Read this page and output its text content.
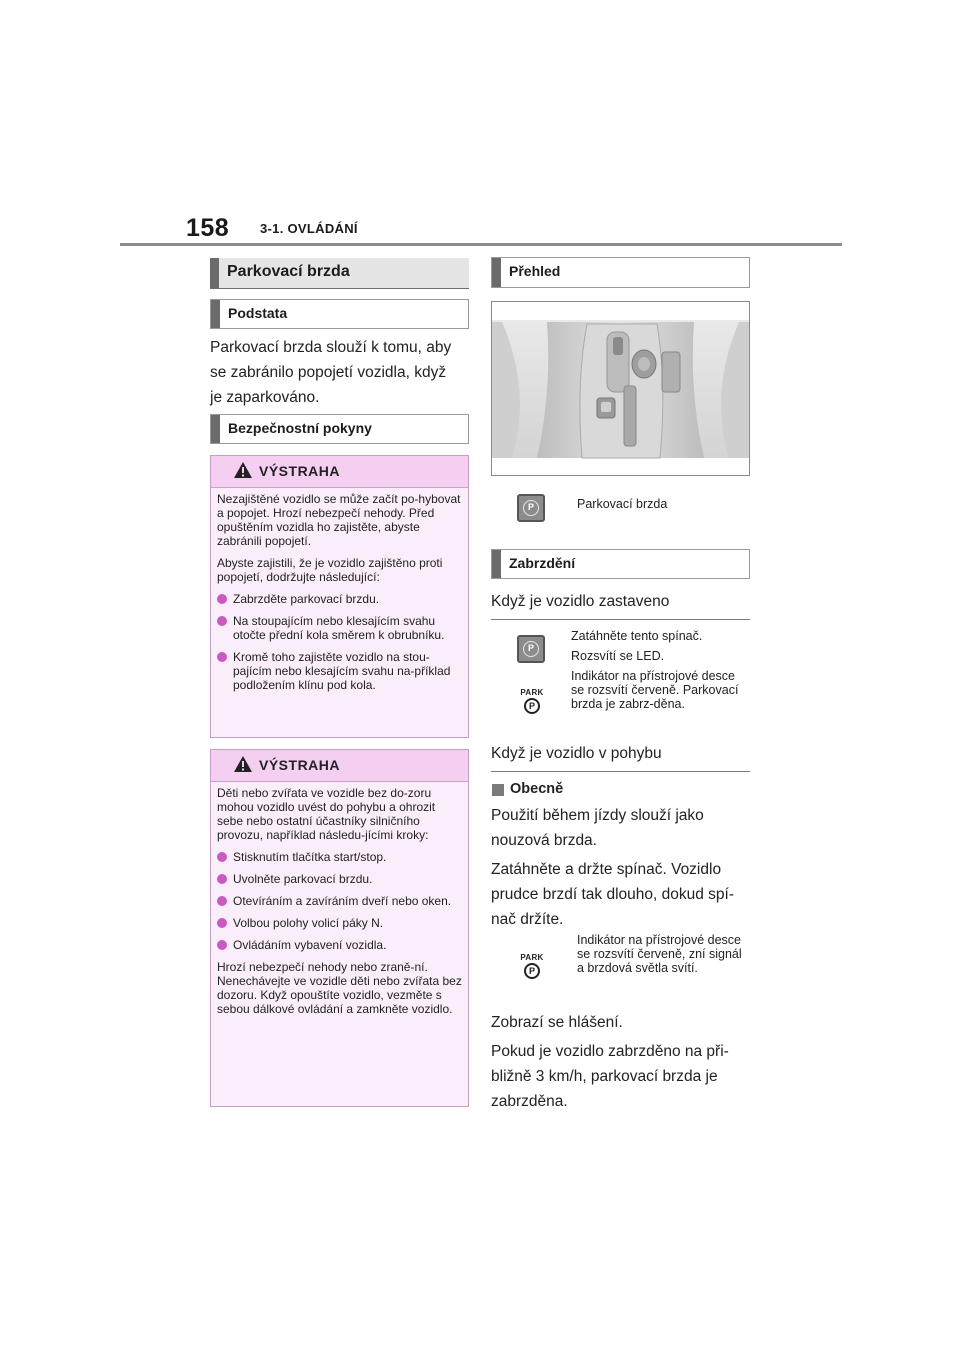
158 3-1. OVLÁDÁNÍ
Parkovací brzda
Podstata

Parkovací brzda slouží k tomu, aby

se zabránilo popojetí vozidla, když

je zaparkováno.

Bezpečnostní pokyny
VÝSTRAHA

Nezajištěné vozidlo se může začít po-hybovat a popojet. Hrozí nebezpečí nehody. Před opuštěním vozidla ho zajistěte, abyste zabránili popojetí.

Abyste zajistili, že je vozidlo zajištěno proti popojetí, dodržujte následující:

Zabrzděte parkovací brzdu.
Na stoupajícím nebo klesajícím svahu otočte přední kola směrem k obrubníku.
Kromě toho zajistěte vozidlo na stou-pajícím nebo klesajícím svahu na-příklad podložením klínu pod kola.
VÝSTRAHA

Děti nebo zvířata ve vozidle bez do-zoru mohou vozidlo uvést do pohybu a ohrozit sebe nebo ostatní účastníky silničního provozu, například následu-jícími kroky:

Stisknutím tlačítka start/stop.
Uvolněte parkovací brzdu.
Otevíráním a zavíráním dveří nebo oken.
Volbou polohy volicí páky N.
Ovládáním vybavení vozidla.

Hrozí nebezpečí nehody nebo zraně-ní. Nenechávejte ve vozidle děti nebo zvířata bez dozoru. Když opouštíte vozidlo, vezměte s sebou dálkové ovládání a zamkněte vozidlo.

Přehled
P	Parkovací brzda
Zabrzdění
Když je vozidlo zastaveno
P
PARK
P

Zatáhněte tento spínač.

Rozsvítí se LED.

Indikátor na přístrojové desce se rozsvítí červeně. Parkovací brzda je zabrz-děna.

Když je vozidlo v pohybu
Obecně

Použití během jízdy slouží jako

nouzová brzda.

Zatáhněte a držte spínač. Vozidlo

prudce brzdí tak dlouho, dokud spí-

nač držíte.

PARK
P
Indikátor na přístrojové desce se rozsvítí červeně, zní signál a brzdová světla svítí.

Zobrazí se hlášení.

Pokud je vozidlo zabrzděno na při-

bližně 3 km/h, parkovací brzda je

zabrzděna.
